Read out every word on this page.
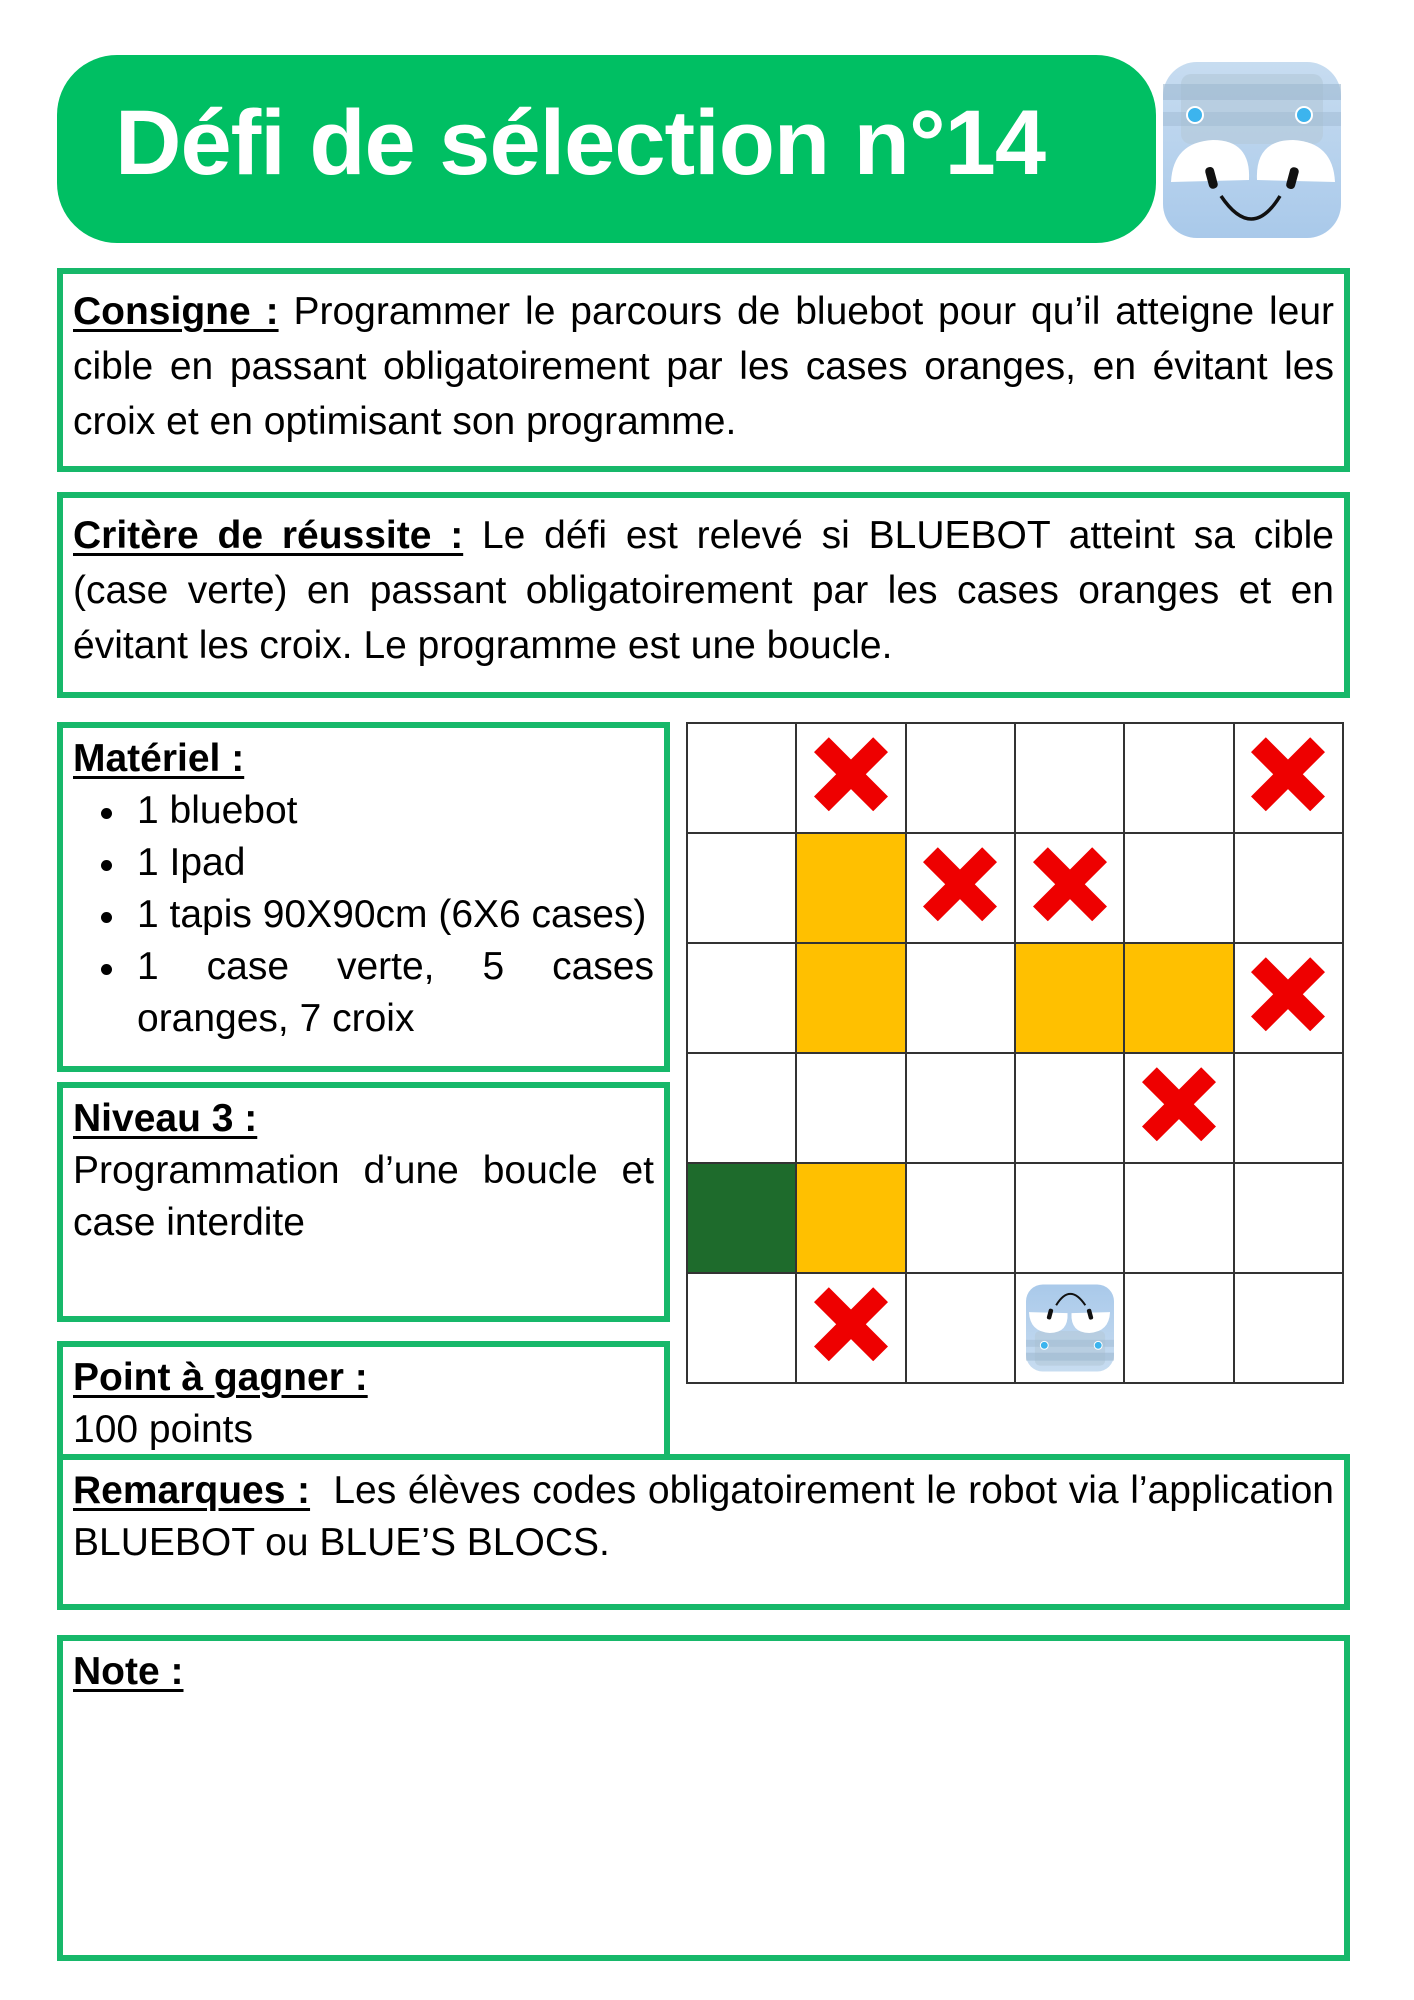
Défi de sélection n°14

Consigne : Programmer le parcours de bluebot pour qu’il atteigne leur cible en passant obligatoirement par les cases oranges, en évitant les croix et en optimisant son programme.

Critère de réussite : Le défi est relevé si BLUEBOT atteint sa cible (case verte) en passant obligatoirement par les cases oranges et en évitant les croix. Le programme est une boucle.

Matériel :
1 bluebot
1 Ipad
1 tapis 90X90cm (6X6 cases)
1 case verte, 5 cases oranges, 7 croix
Niveau 3 :

Programmation d’une boucle et case interdite

Point à gagner :

100 points

Remarques :  Les élèves codes obligatoirement le robot via l’application BLUEBOT ou BLUE’S BLOCS.

Note :
